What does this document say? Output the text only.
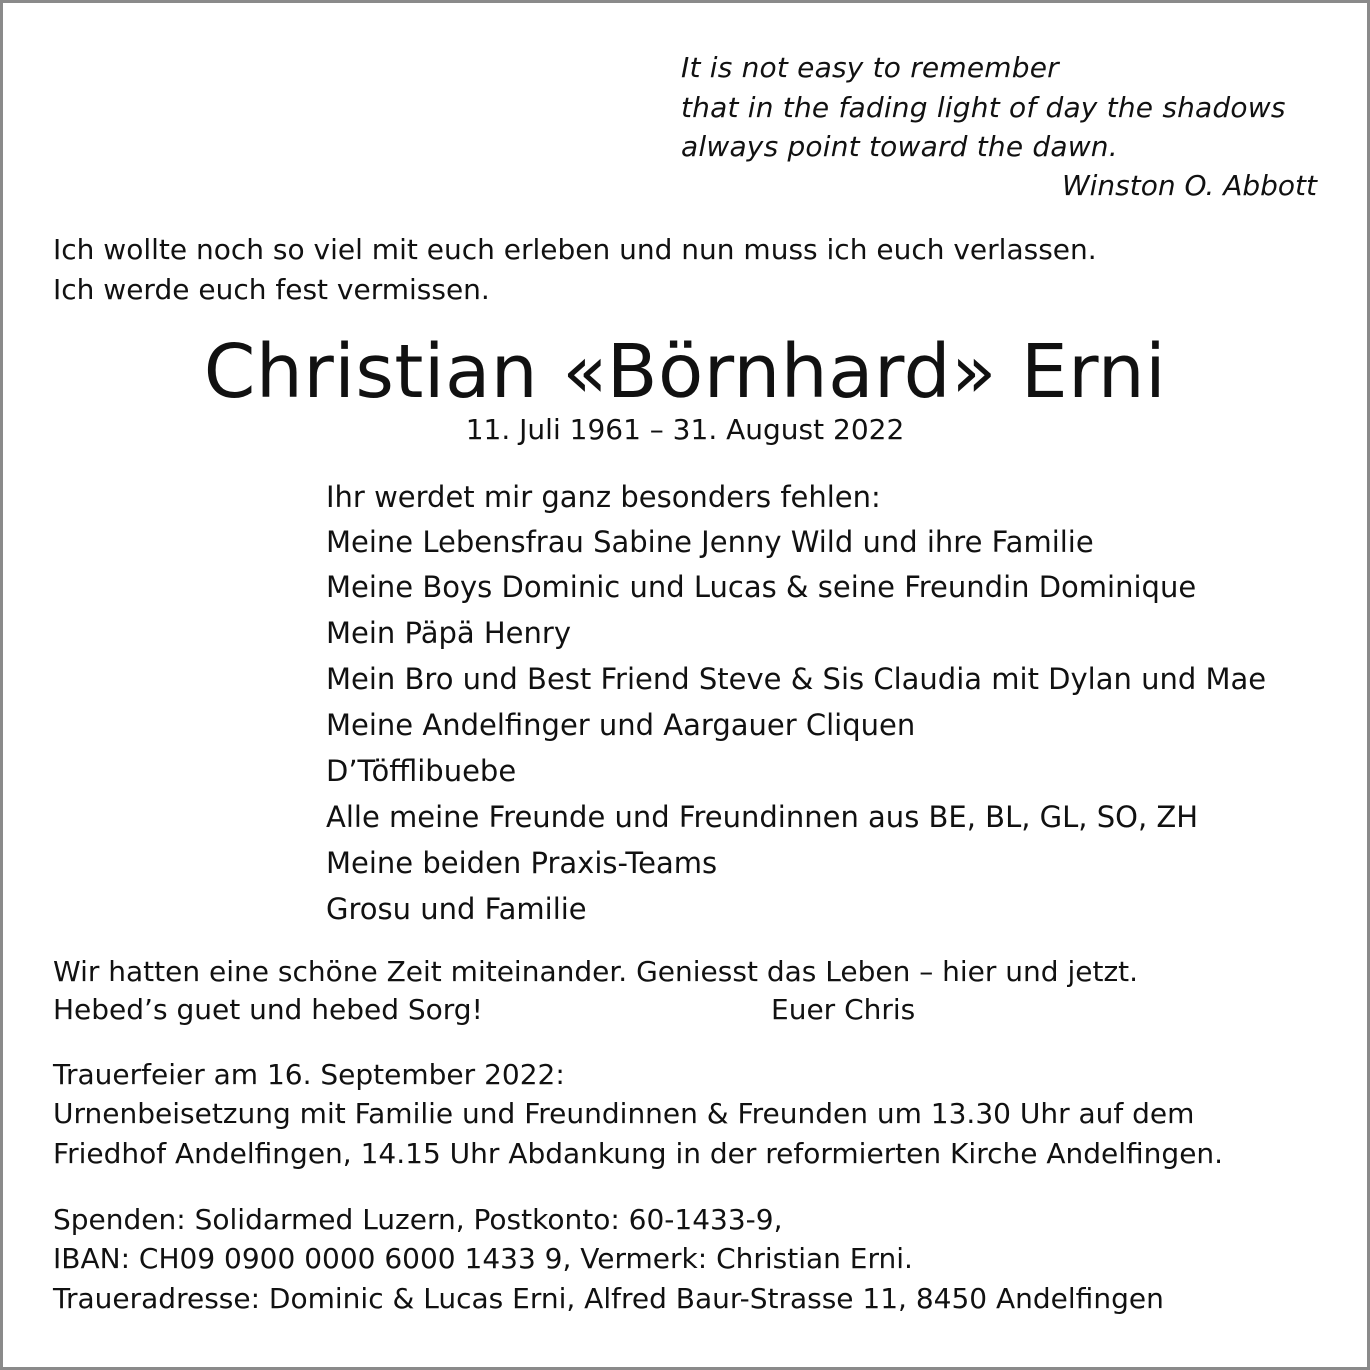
It is not easy to remember
that in the fading light of day the shadows
always point toward the dawn.
Winston O. Abbott
Ich wollte noch so viel mit euch erleben und nun muss ich euch verlassen.
Ich werde euch fest vermissen.
Christian «Börnhard» Erni
11. Juli 1961 – 31. August 2022
Ihr werdet mir ganz besonders fehlen:
Meine Lebensfrau Sabine Jenny Wild und ihre Familie
Meine Boys Dominic und Lucas & seine Freundin Dominique
Mein Päpä Henry
Mein Bro und Best Friend Steve & Sis Claudia mit Dylan und Mae
Meine Andelfinger und Aargauer Cliquen
D’Töfflibuebe
Alle meine Freunde und Freundinnen aus BE, BL, GL, SO, ZH
Meine beiden Praxis-Teams
Grosu und Familie
Wir hatten eine schöne Zeit miteinander. Geniesst das Leben – hier und jetzt.
Hebed’s guet und hebed Sorg!	Euer Chris
Trauerfeier am 16. September 2022:
Urnenbeisetzung mit Familie und Freundinnen & Freunden um 13.30 Uhr auf dem
Friedhof Andelfingen, 14.15 Uhr Abdankung in der reformierten Kirche Andelfingen.
Spenden: Solidarmed Luzern, Postkonto: 60-1433-9,
IBAN: CH09 0900 0000 6000 1433 9, Vermerk: Christian Erni.
Traueradresse: Dominic & Lucas Erni, Alfred Baur-Strasse 11, 8450 Andelfingen
